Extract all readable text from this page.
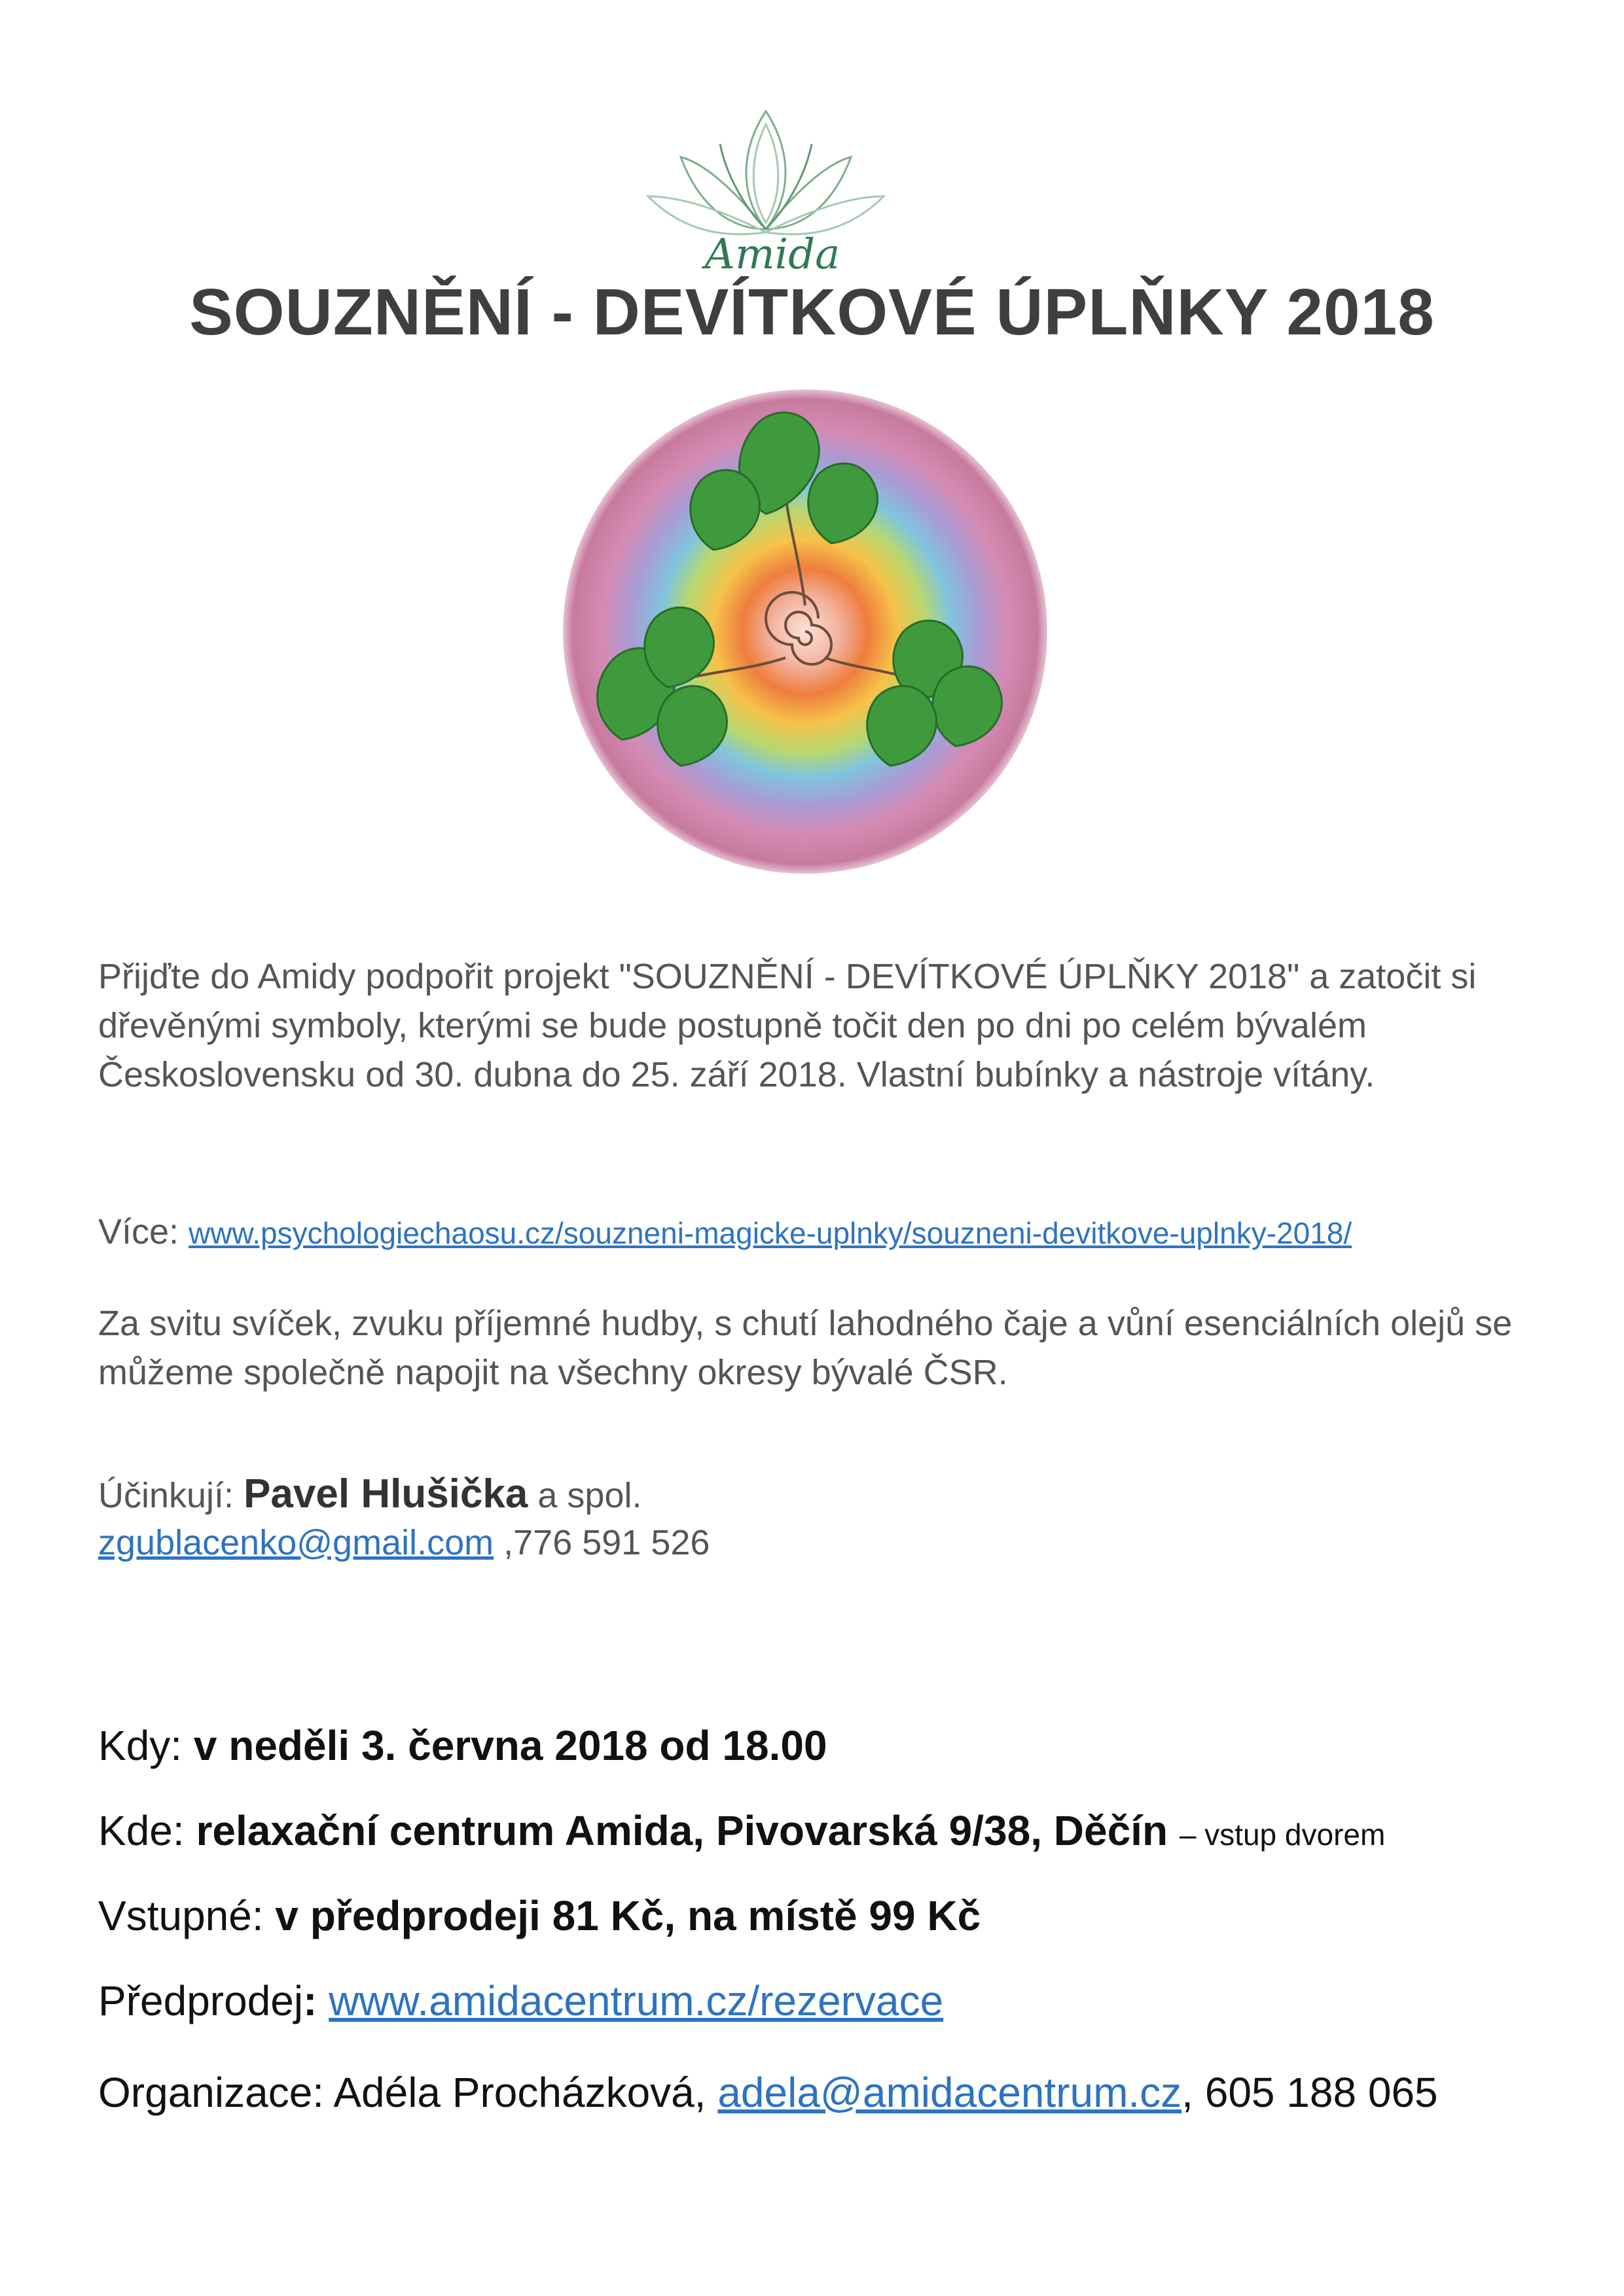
Amida
SOUZNĚNÍ - DEVÍTKOVÉ ÚPLŇKY 2018
Přijďte do Amidy podpořit projekt "SOUZNĚNÍ - DEVÍTKOVÉ ÚPLŇKY 2018" a zatočit si dřevěnými symboly, kterými se bude postupně točit den po dni po celém bývalém Československu od 30. dubna do 25. září 2018. Vlastní bubínky a nástroje vítány.
Více: www.psychologiechaosu.cz/souzneni-magicke-uplnky/souzneni-devitkove-uplnky-2018/
Za svitu svíček, zvuku příjemné hudby, s chutí lahodného čaje a vůní esenciálních olejů se můžeme společně napojit na všechny okresy bývalé ČSR.
Účinkují: Pavel Hlušička a spol.
zgublacenko@gmail.com ,776 591 526
Kdy: v neděli 3. června 2018 od 18.00
Kde: relaxační centrum Amida, Pivovarská 9/38, Děčín – vstup dvorem
Vstupné: v předprodeji 81 Kč, na místě 99 Kč
Předprodej: www.amidacentrum.cz/rezervace
Organizace: Adéla Procházková, adela@amidacentrum.cz, 605 188 065
